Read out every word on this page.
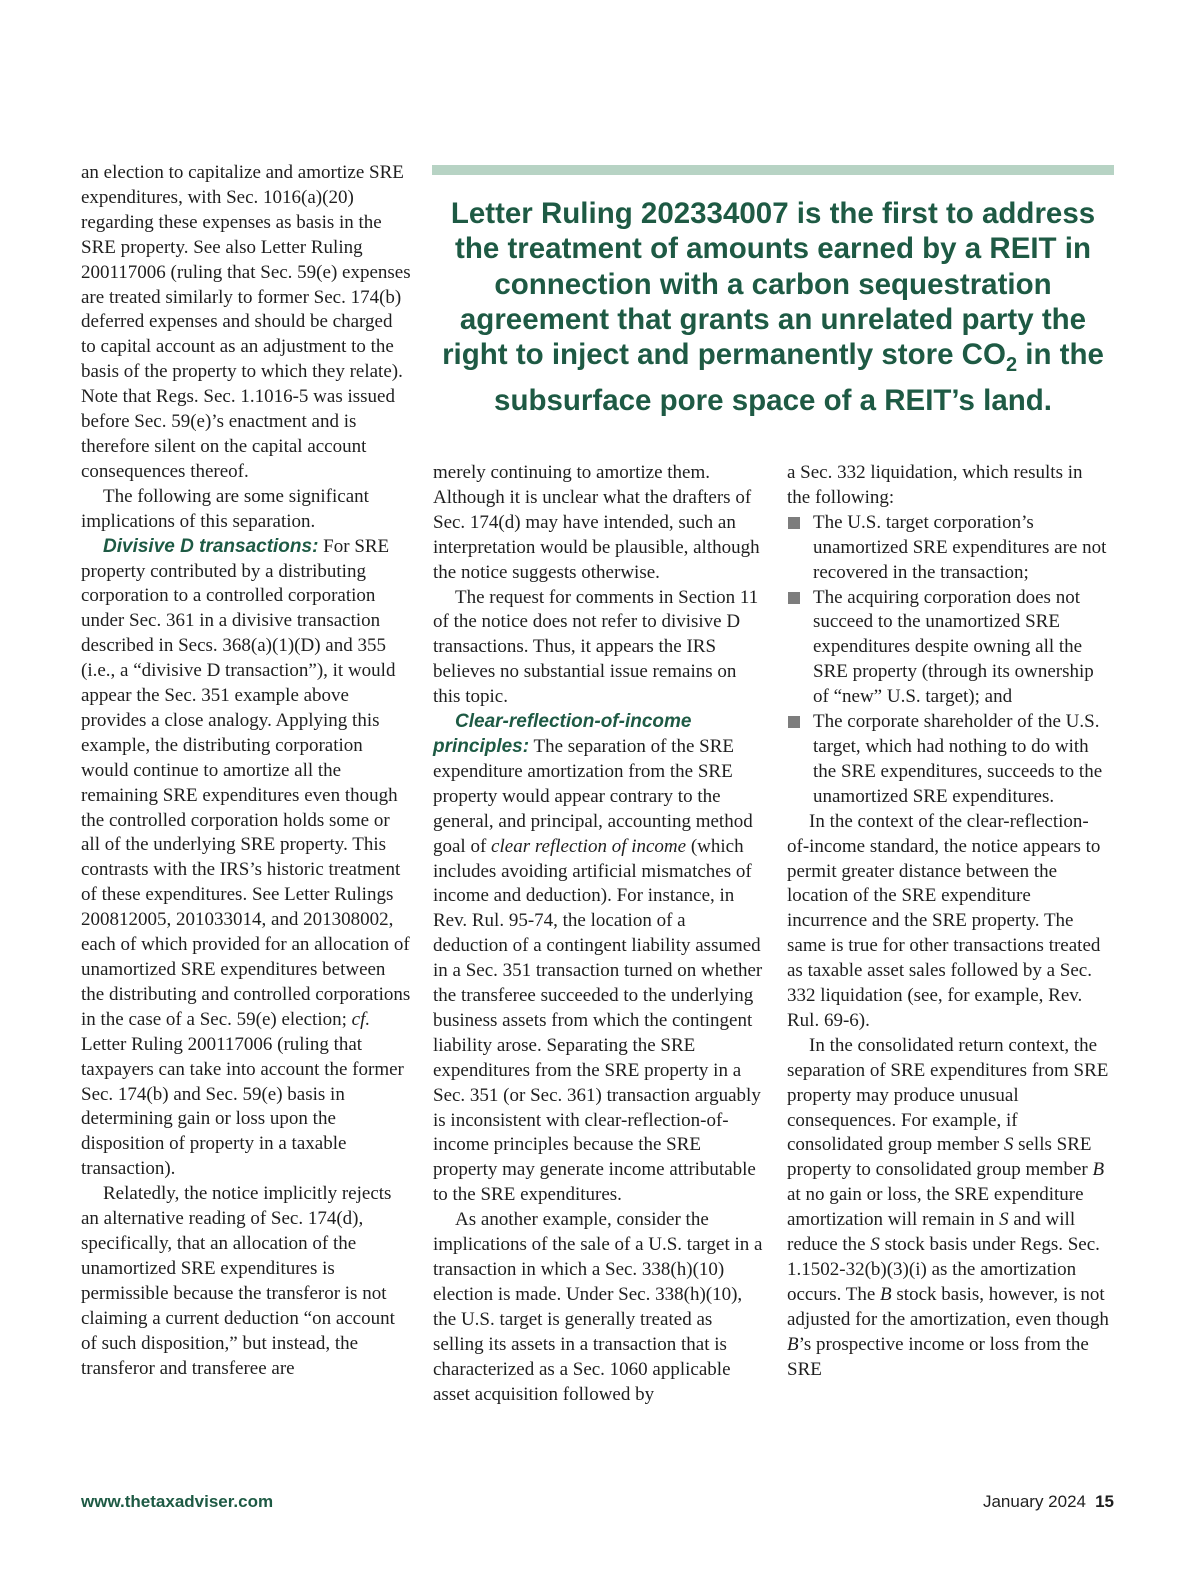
an election to capitalize and amortize SRE expenditures, with Sec. 1016(a)(20) regarding these expenses as basis in the SRE property. See also Letter Ruling 200117006 (ruling that Sec. 59(e) expenses are treated similarly to former Sec. 174(b) deferred expenses and should be charged to capital account as an adjustment to the basis of the property to which they relate). Note that Regs. Sec. 1.1016-5 was issued before Sec. 59(e)’s enactment and is therefore silent on the capital account consequences thereof.

The following are some significant implications of this separation.

Divisive D transactions: For SRE property contributed by a distributing corporation to a controlled corporation under Sec. 361 in a divisive transaction described in Secs. 368(a)(1)(D) and 355 (i.e., a “divisive D transaction”), it would appear the Sec. 351 example above provides a close analogy. Applying this example, the distributing corporation would continue to amortize all the remaining SRE expenditures even though the controlled corporation holds some or all of the underlying SRE property. This contrasts with the IRS’s historic treatment of these expenditures. See Letter Rulings 200812005, 201033014, and 201308002, each of which provided for an allocation of unamortized SRE expenditures between the distributing and controlled corporations in the case of a Sec. 59(e) election; cf. Letter Ruling 200117006 (ruling that taxpayers can take into account the former Sec. 174(b) and Sec. 59(e) basis in determining gain or loss upon the disposition of property in a taxable transaction).

Relatedly, the notice implicitly rejects an alternative reading of Sec. 174(d), specifically, that an allocation of the unamortized SRE expenditures is permissible because the transferor is not claiming a current deduction “on account of such disposition,” but instead, the transferor and transferee are

Letter Ruling 202334007 is the first to address the treatment of amounts earned by a REIT in connection with a carbon sequestration agreement that grants an unrelated party the right to inject and permanently store $CO_2$ in the subsurface pore space of a REIT’s land.

merely continuing to amortize them. Although it is unclear what the drafters of Sec. 174(d) may have intended, such an interpretation would be plausible, although the notice suggests otherwise.

The request for comments in Section 11 of the notice does not refer to divisive D transactions. Thus, it appears the IRS believes no substantial issue remains on this topic.

Clear-reflection-of-income principles: The separation of the SRE expenditure amortization from the SRE property would appear contrary to the general, and principal, accounting method goal of clear reflection of income (which includes avoiding artificial mismatches of income and deduction). For instance, in Rev. Rul. 95-74, the location of a deduction of a contingent liability assumed in a Sec. 351 transaction turned on whether the transferee succeeded to the underlying business assets from which the contingent liability arose. Separating the SRE expenditures from the SRE property in a Sec. 351 (or Sec. 361) transaction arguably is inconsistent with clear-reflection-of-income principles because the SRE property may generate income attributable to the SRE expenditures.

As another example, consider the implications of the sale of a U.S. target in a transaction in which a Sec. 338(h)(10) election is made. Under Sec. 338(h)(10), the U.S. target is generally treated as selling its assets in a transaction that is characterized as a Sec. 1060 applicable asset acquisition followed by

a Sec. 332 liquidation, which results in the following:

The U.S. target corporation’s unamortized SRE expenditures are not recovered in the transaction;
The acquiring corporation does not succeed to the unamortized SRE expenditures despite owning all the SRE property (through its ownership of “new” U.S. target); and
The corporate shareholder of the U.S. target, which had nothing to do with the SRE expenditures, succeeds to the unamortized SRE expenditures.

In the context of the clear-reflection-of-income standard, the notice appears to permit greater distance between the location of the SRE expenditure incurrence and the SRE property. The same is true for other transactions treated as taxable asset sales followed by a Sec. 332 liquidation (see, for example, Rev. Rul. 69-6).

In the consolidated return context, the separation of SRE expenditures from SRE property may produce unusual consequences. For example, if consolidated group member S sells SRE property to consolidated group member B at no gain or loss, the SRE expenditure amortization will remain in S and will reduce the S stock basis under Regs. Sec. 1.1502-32(b)(3)(i) as the amortization occurs. The B stock basis, however, is not adjusted for the amortization, even though B’s prospective income or loss from the SRE

www.thetaxadviser.com	January 2024 15
